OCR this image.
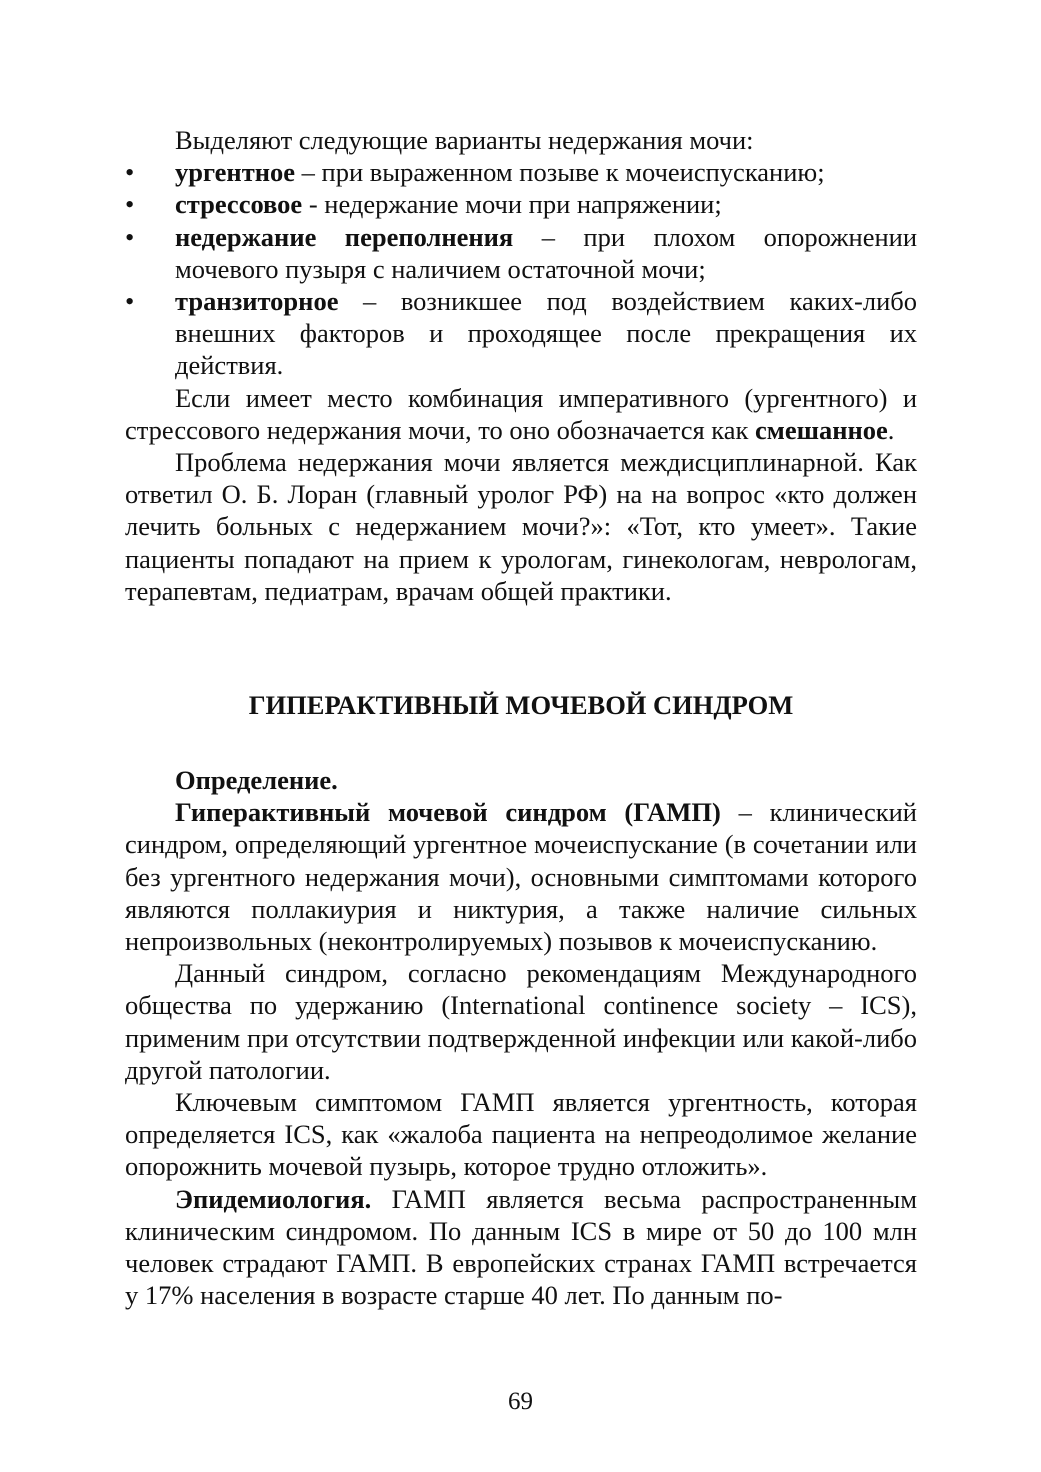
Выделяют следующие варианты недержания мочи:

• ургентное – при выраженном позыве к мочеиспусканию;
• стрессовое - недержание мочи при напряжении;
• недержание переполнения – при плохом опорожнении мочевого пузыря с наличием остаточной мочи;
• транзиторное – возникшее под воздействием каких-либо внешних факторов и проходящее после прекращения их действия.

Если имеет место комбинация императивного (ургентного) и стрессового недержания мочи, то оно обозначается как смешанное.

Проблема недержания мочи является междисциплинарной. Как ответил О. Б. Лоран (главный уролог РФ) на на вопрос «кто должен лечить больных с недержанием мочи?»: «Тот, кто умеет». Такие пациенты попадают на прием к урологам, гинекологам, неврологам, терапевтам, педиатрам, врачам общей практики.

ГИПЕРАКТИВНЫЙ МОЧЕВОЙ СИНДРОМ

Определение.

Гиперактивный мочевой синдром (ГАМП) – клинический синдром, определяющий ургентное мочеиспускание (в сочетании или без ургентного недержания мочи), основными симптомами которого являются поллакиурия и никтурия, а также наличие сильных непроизвольных (неконтролируемых) позывов к мочеиспусканию.

Данный синдром, согласно рекомендациям Международного общества по удержанию (International continence society – ICS), применим при отсутствии подтвержденной инфекции или какой-либо другой патологии.

Ключевым симптомом ГАМП является ургентность, которая определяется ICS, как «жалоба пациента на непреодолимое желание опорожнить мочевой пузырь, которое трудно отложить».

Эпидемиология. ГАМП является весьма распространенным клиническим синдромом. По данным ICS в мире от 50 до 100 млн человек страдают ГАМП. В европейских странах ГАМП встречается у 17% населения в возрасте старше 40 лет. По данным по-

69
